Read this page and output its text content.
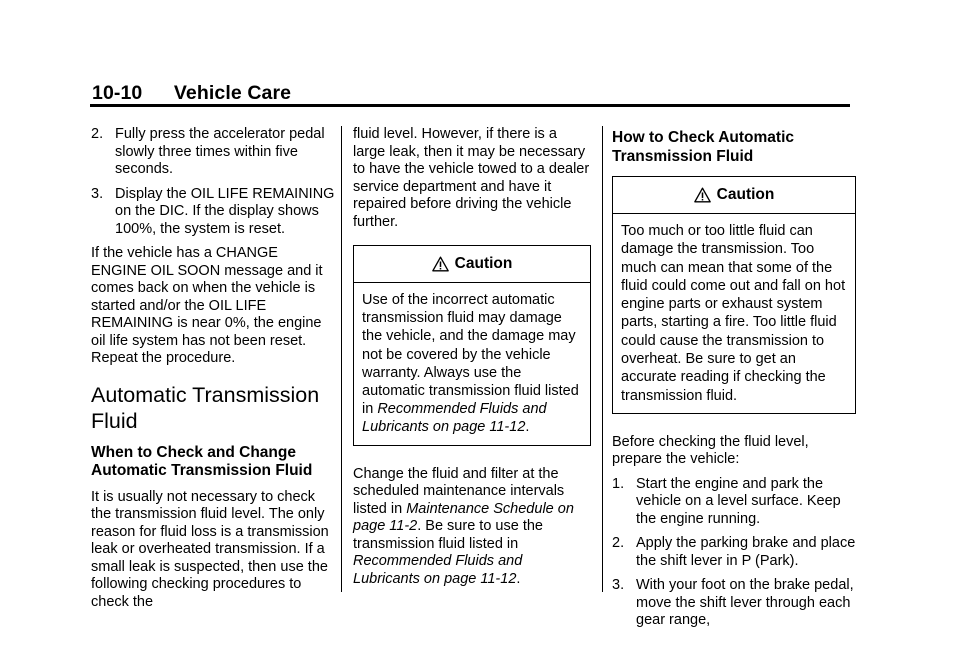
10-10 Vehicle Care
2. Fully press the accelerator pedal slowly three times within five seconds.
3. Display the OIL LIFE REMAINING on the DIC. If the display shows 100%, the system is reset.

If the vehicle has a CHANGE ENGINE OIL SOON message and it comes back on when the vehicle is started and/or the OIL LIFE REMAINING is near 0%, the engine oil life system has not been reset. Repeat the procedure.

Automatic Transmission Fluid
When to Check and Change Automatic Transmission Fluid

It is usually not necessary to check the transmission fluid level. The only reason for fluid loss is a transmission leak or overheated transmission. If a small leak is suspected, then use the following checking procedures to check the

fluid level. However, if there is a large leak, then it may be necessary to have the vehicle towed to a dealer service department and have it repaired before driving the vehicle further.

Caution

Use of the incorrect automatic transmission fluid may damage the vehicle, and the damage may not be covered by the vehicle warranty. Always use the automatic transmission fluid listed in Recommended Fluids and Lubricants on page 11-12.

Change the fluid and filter at the scheduled maintenance intervals listed in Maintenance Schedule on page 11-2. Be sure to use the transmission fluid listed in Recommended Fluids and Lubricants on page 11-12.

How to Check Automatic Transmission Fluid
Caution

Too much or too little fluid can damage the transmission. Too much can mean that some of the fluid could come out and fall on hot engine parts or exhaust system parts, starting a fire. Too little fluid could cause the transmission to overheat. Be sure to get an accurate reading if checking the transmission fluid.

Before checking the fluid level, prepare the vehicle:

1. Start the engine and park the vehicle on a level surface. Keep the engine running.
2. Apply the parking brake and place the shift lever in P (Park).
3. With your foot on the brake pedal, move the shift lever through each gear range,
